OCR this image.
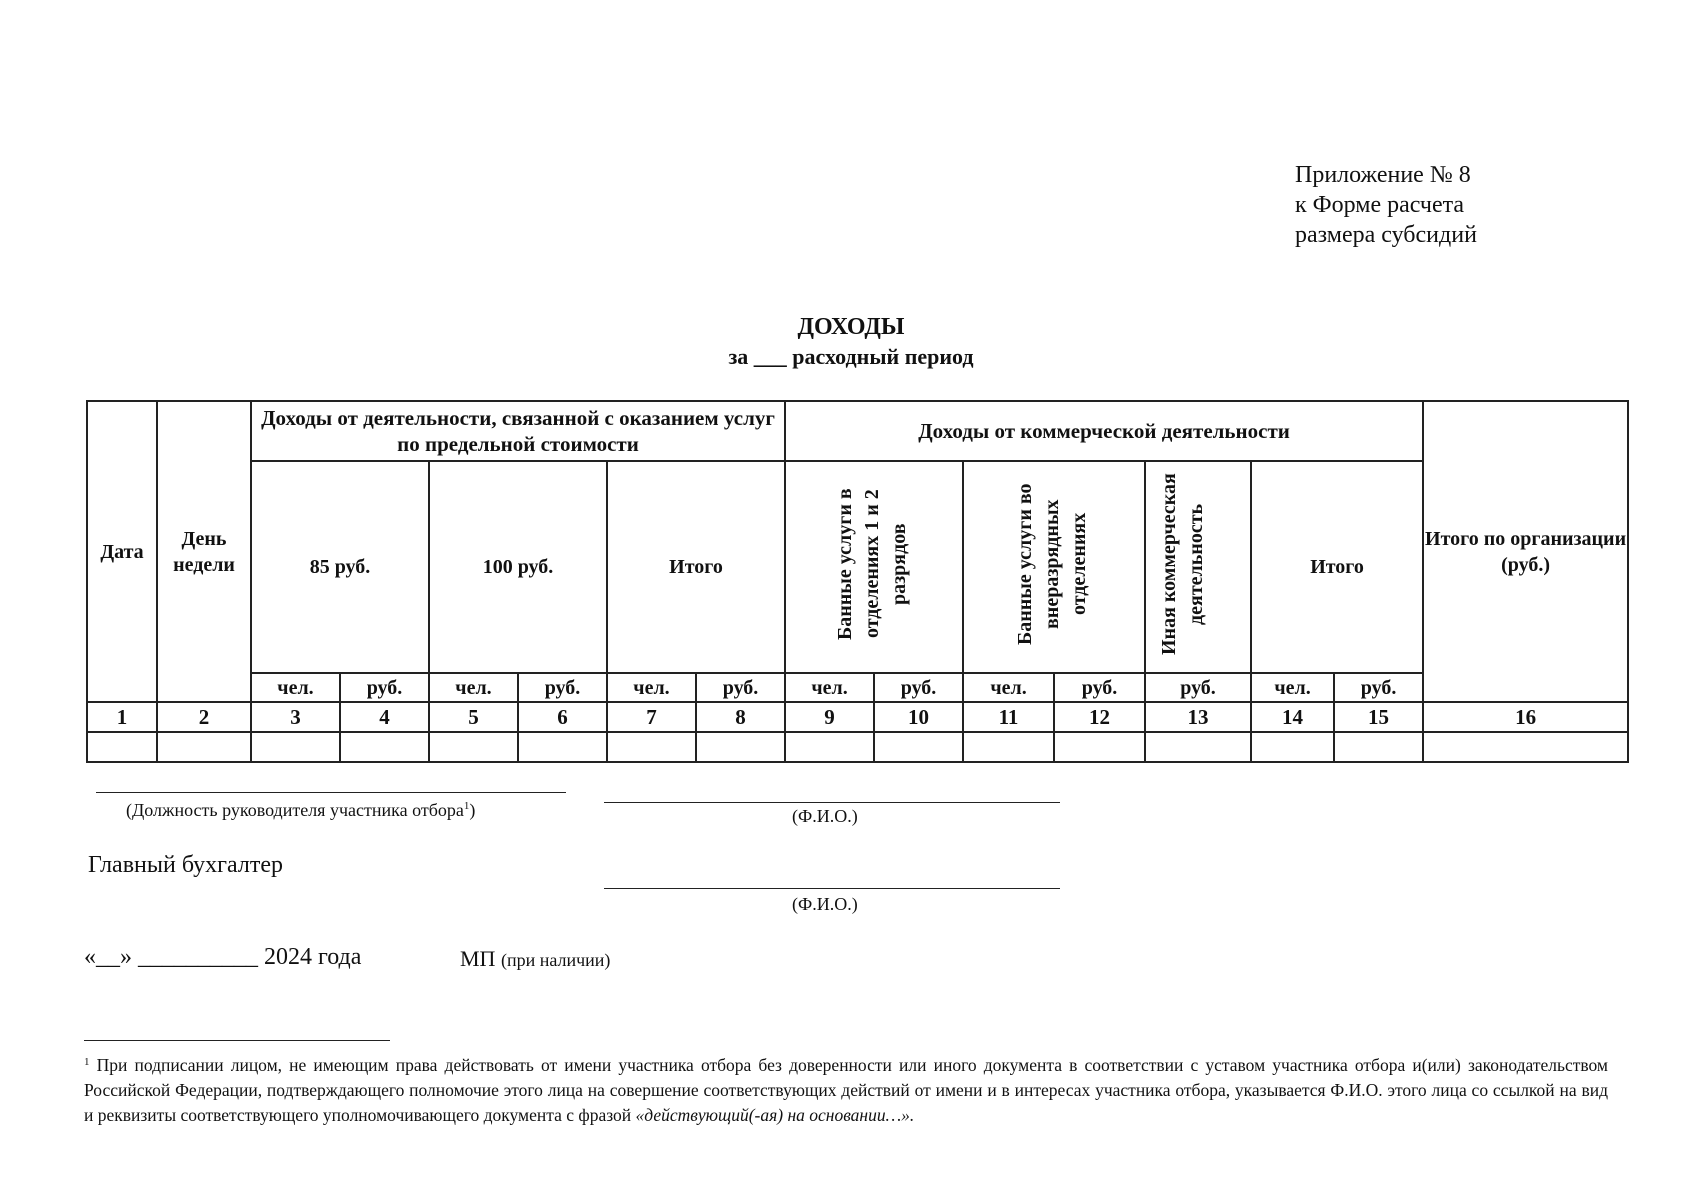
Приложение № 8
к Форме расчета
размера субсидий
ДОХОДЫ
за ___ расходный период
Дата	День недели	Доходы от деятельности, связанной с оказанием услуг по предельной стоимости						Доходы от коммерческой деятельности							Итого по организации (руб.)
		85 руб.		100 руб.		Итого		Банные услуги в отделениях 1 и 2 разрядов		Банные услуги во внеразрядных отделениях		Иная коммерческая деятельность	Итого		
		чел.	руб.	чел.	руб.	чел.	руб.	чел.	руб.	чел.	руб.	руб.	чел.	руб.	
1	2	3	4	5	6	7	8	9	10	11	12	13	14	15	16

(Должность руководителя участника отбора$^1$)	(Ф.И.О.)
Главный бухгалтер
(Ф.И.О.)
«__» __________ 2024 года	МП (при наличии)
$^1$ При подписании лицом, не имеющим права действовать от имени участника отбора без доверенности или иного документа в соответствии с уставом участника отбора и(или) законодательством Российской Федерации, подтверждающего полномочие этого лица на совершение соответствующих действий от имени и в интересах участника отбора, указывается Ф.И.О. этого лица со ссылкой на вид и реквизиты соответствующего уполномочивающего документа с фразой «действующий(-ая) на основании…».
